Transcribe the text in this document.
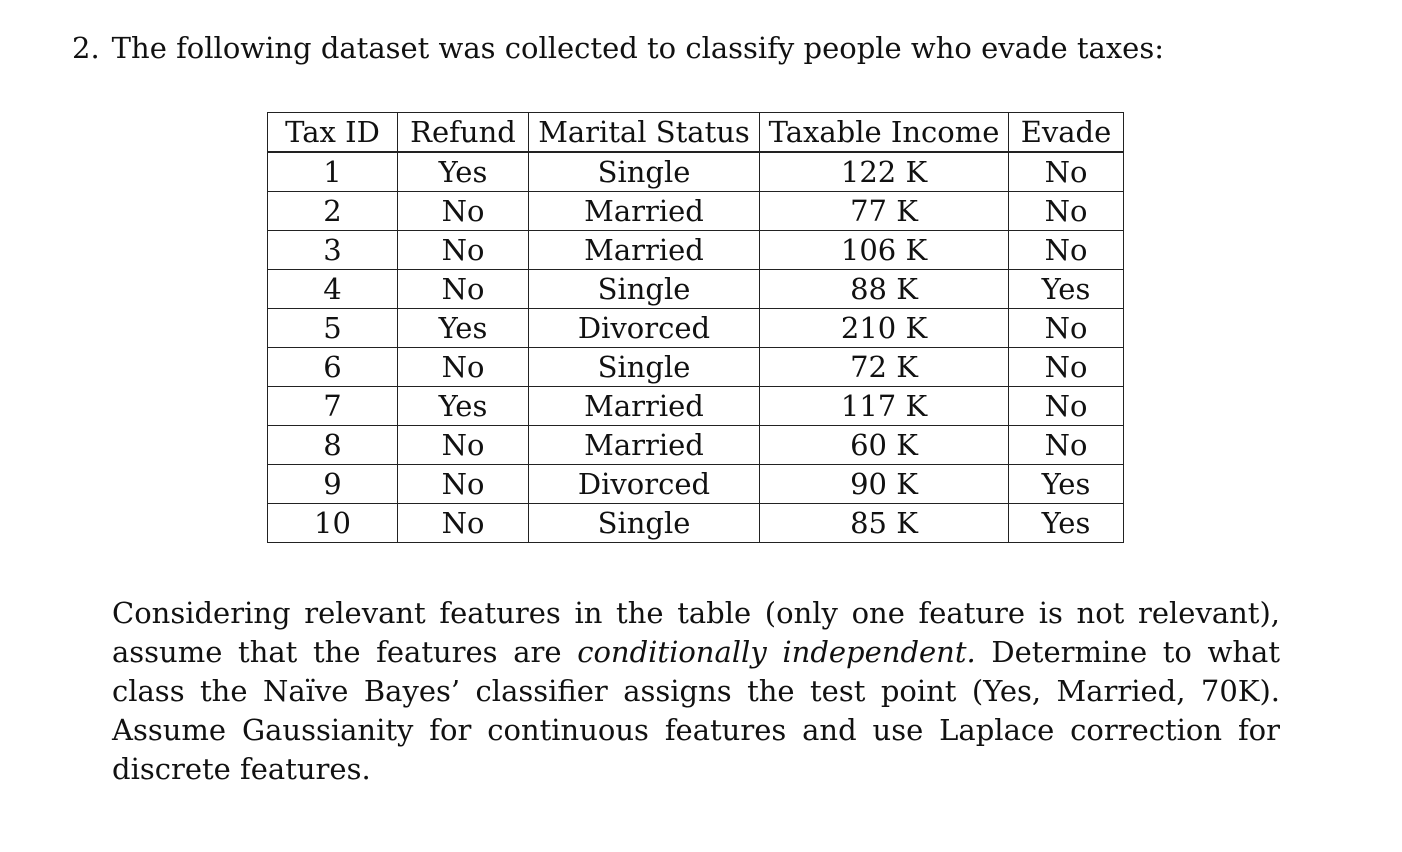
2. The following dataset was collected to classify people who evade taxes:
Tax ID	Refund	Marital Status	Taxable Income	Evade
1	Yes	Single	122 K	No
2	No	Married	77 K	No
3	No	Married	106 K	No
4	No	Single	88 K	Yes
5	Yes	Divorced	210 K	No
6	No	Single	72 K	No
7	Yes	Married	117 K	No
8	No	Married	60 K	No
9	No	Divorced	90 K	Yes
10	No	Single	85 K	Yes
Considering relevant features in the table (only one feature is not relevant), assume that the features are conditionally independent. Determine to what class the Naïve Bayes’ classifier assigns the test point (Yes, Married, 70K). Assume Gaussianity for continuous features and use Laplace correction for discrete features.
